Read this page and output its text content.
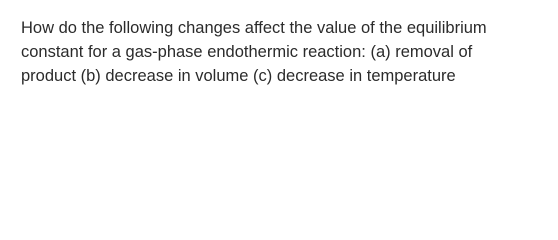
How do the following changes affect the value of the equilibrium
constant for a gas-phase endothermic reaction: (a) removal of
product (b) decrease in volume (c) decrease in temperature
